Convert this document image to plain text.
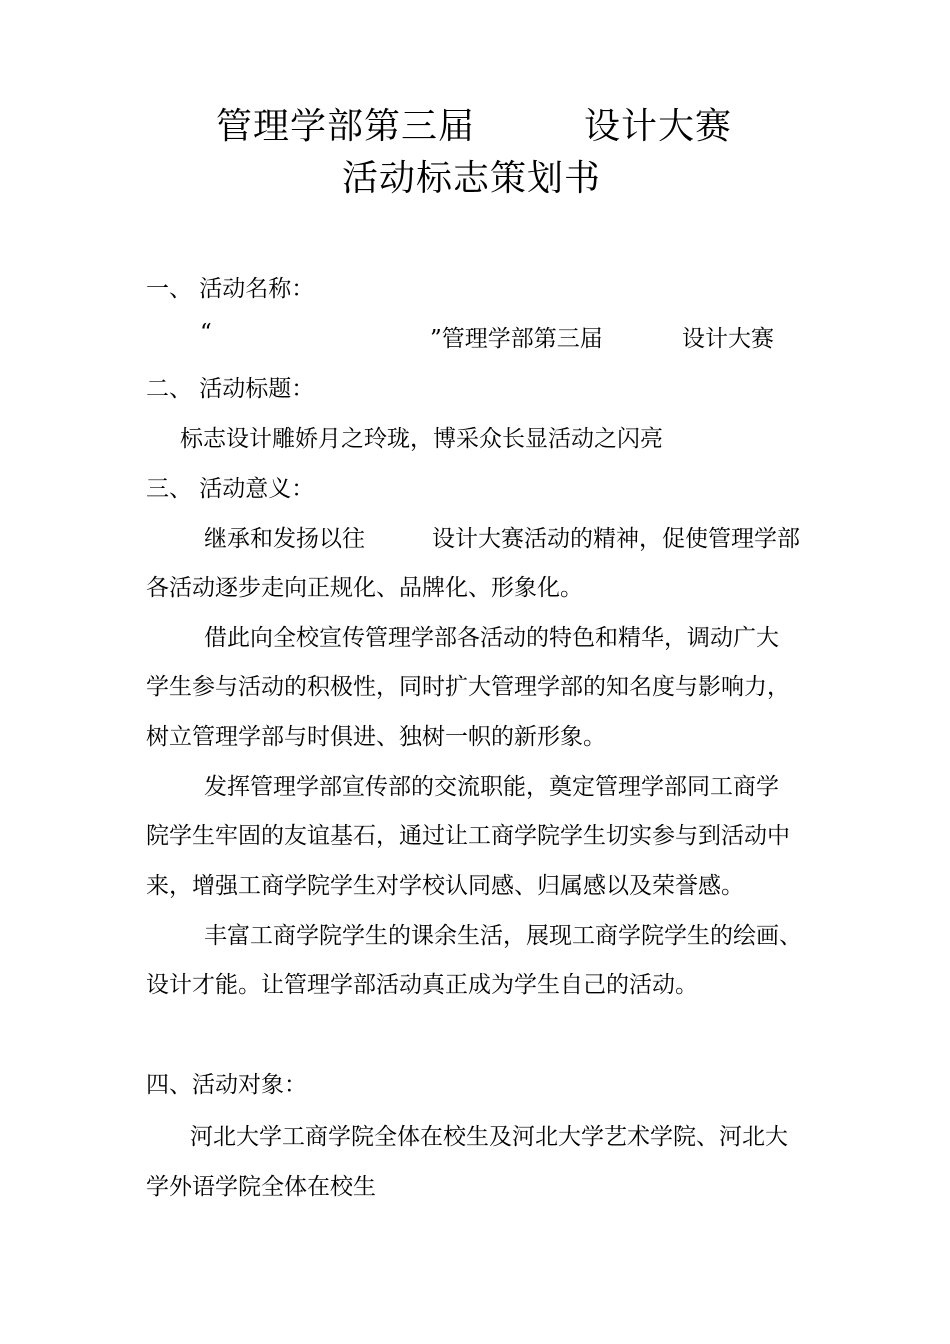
管理学部第三届	设计大赛
活动标志策划书
一、 活动名称：
“	”管理学部第三届	设计大赛
二、 活动标题：
标志设计雕娇月之玲珑，博采众长显活动之闪亮
三、 活动意义：
继承和发扬以往	设计大赛活动的精神，促使管理学部
各活动逐步走向正规化、品牌化、形象化。
借此向全校宣传管理学部各活动的特色和精华，调动广大
学生参与活动的积极性，同时扩大管理学部的知名度与影响力，
树立管理学部与时俱进、独树一帜的新形象。
发挥管理学部宣传部的交流职能，奠定管理学部同工商学
院学生牢固的友谊基石，通过让工商学院学生切实参与到活动中
来，增强工商学院学生对学校认同感、归属感以及荣誉感。
丰富工商学院学生的课余生活，展现工商学院学生的绘画、
设计才能。让管理学部活动真正成为学生自己的活动。
四、活动对象：
河北大学工商学院全体在校生及河北大学艺术学院、河北大
学外语学院全体在校生
